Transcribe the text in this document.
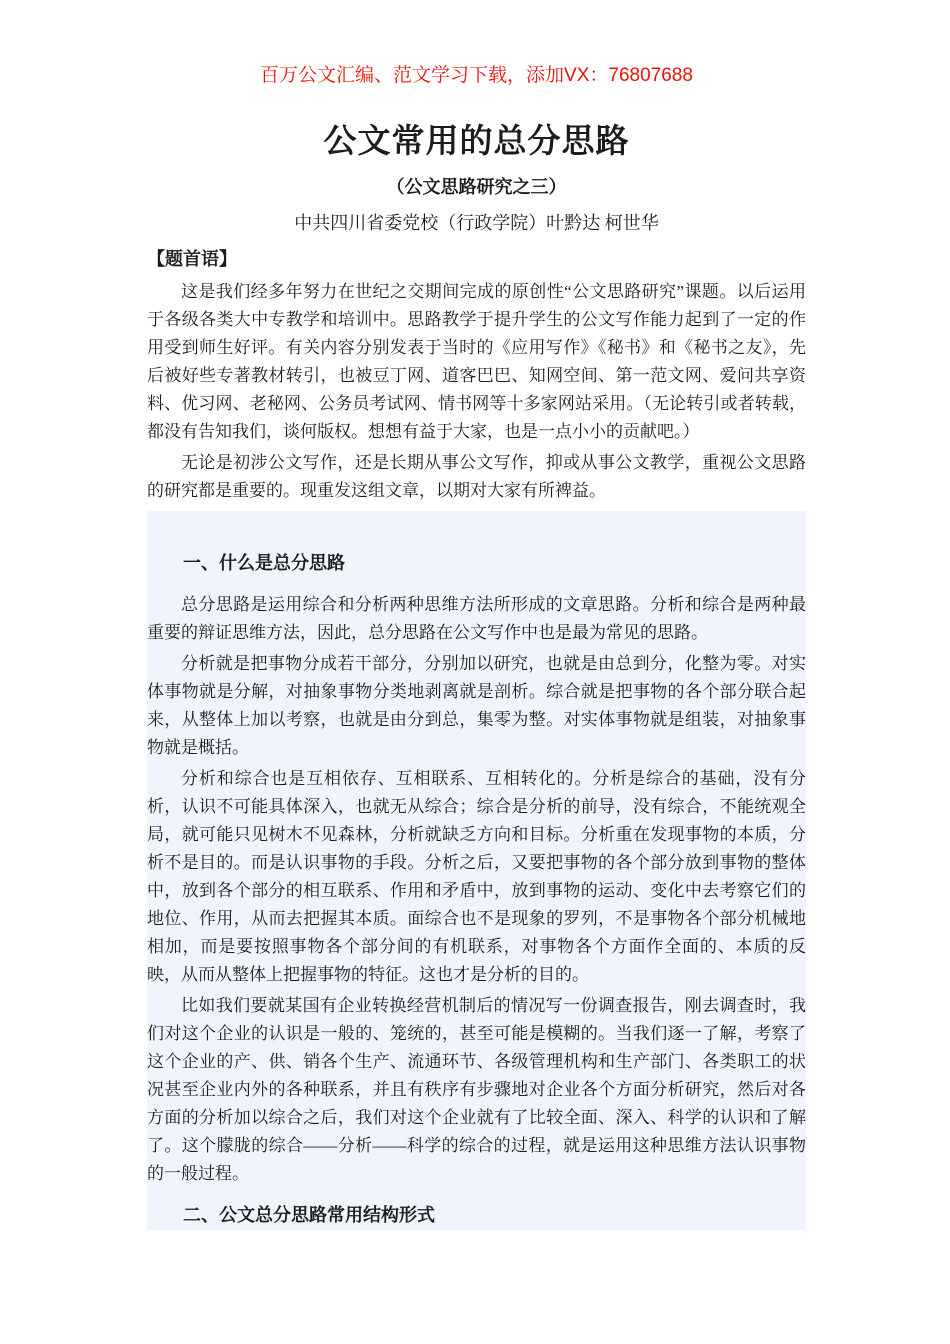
百万公文汇编、范文学习下载，添加VX：76807688
公文常用的总分思路
（公文思路研究之三）
中共四川省委党校（行政学院）叶黔达 柯世华
【题首语】

这是我们经多年努力在世纪之交期间完成的原创性“公文思路研究”课题。以后运用于各级各类大中专教学和培训中。思路教学于提升学生的公文写作能力起到了一定的作用受到师生好评。有关内容分别发表于当时的《应用写作》《秘书》和《秘书之友》，先后被好些专著教材转引，也被豆丁网、道客巴巴、知网空间、第一范文网、爱问共享资料、优习网、老秘网、公务员考试网、情书网等十多家网站采用。（无论转引或者转载，都没有告知我们，谈何版权。想想有益于大家，也是一点小小的贡献吧。）

无论是初涉公文写作，还是长期从事公文写作，抑或从事公文教学，重视公文思路的研究都是重要的。现重发这组文章，以期对大家有所裨益。

一、什么是总分思路

总分思路是运用综合和分析两种思维方法所形成的文章思路。分析和综合是两种最重要的辩证思维方法，因此，总分思路在公文写作中也是最为常见的思路。

分析就是把事物分成若干部分，分别加以研究，也就是由总到分，化整为零。对实体事物就是分解，对抽象事物分类地剥离就是剖析。综合就是把事物的各个部分联合起来，从整体上加以考察，也就是由分到总，集零为整。对实体事物就是组装，对抽象事物就是概括。

分析和综合也是互相依存、互相联系、互相转化的。分析是综合的基础，没有分析，认识不可能具体深入，也就无从综合；综合是分析的前导，没有综合，不能统观全局，就可能只见树木不见森林，分析就缺乏方向和目标。分析重在发现事物的本质，分析不是目的。而是认识事物的手段。分析之后，又要把事物的各个部分放到事物的整体中，放到各个部分的相互联系、作用和矛盾中，放到事物的运动、变化中去考察它们的地位、作用，从而去把握其本质。面综合也不是现象的罗列，不是事物各个部分机械地相加，而是要按照事物各个部分间的有机联系，对事物各个方面作全面的、本质的反映，从而从整体上把握事物的特征。这也才是分析的目的。

比如我们要就某国有企业转换经营机制后的情况写一份调查报告，刚去调查时，我们对这个企业的认识是一般的、笼统的，甚至可能是模糊的。当我们逐一了解，考察了这个企业的产、供、销各个生产、流通环节、各级管理机构和生产部门、各类职工的状况甚至企业内外的各种联系，并且有秩序有步骤地对企业各个方面分析研究，然后对各方面的分析加以综合之后，我们对这个企业就有了比较全面、深入、科学的认识和了解了。这个朦胧的综合——分析——科学的综合的过程，就是运用这种思维方法认识事物的一般过程。

二、公文总分思路常用结构形式
